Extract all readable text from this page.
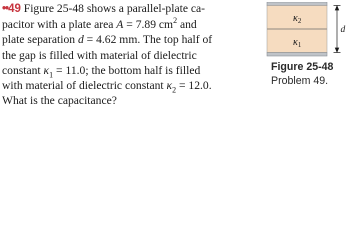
••49 Figure 25-48 shows a parallel-plate ca-
pacitor with a plate area A = 7.89 $cm^2$ and
plate separation d = 4.62 mm. The top half of
the gap is filled with material of dielectric
constant $\kappa_1 = 11.0$; the bottom half is filled
with material of dielectric constant $\kappa_2 = 12.0$.
What is the capacitance?
$\kappa_2$
$\kappa_1$
d
Figure 25-48
Problem 49.
